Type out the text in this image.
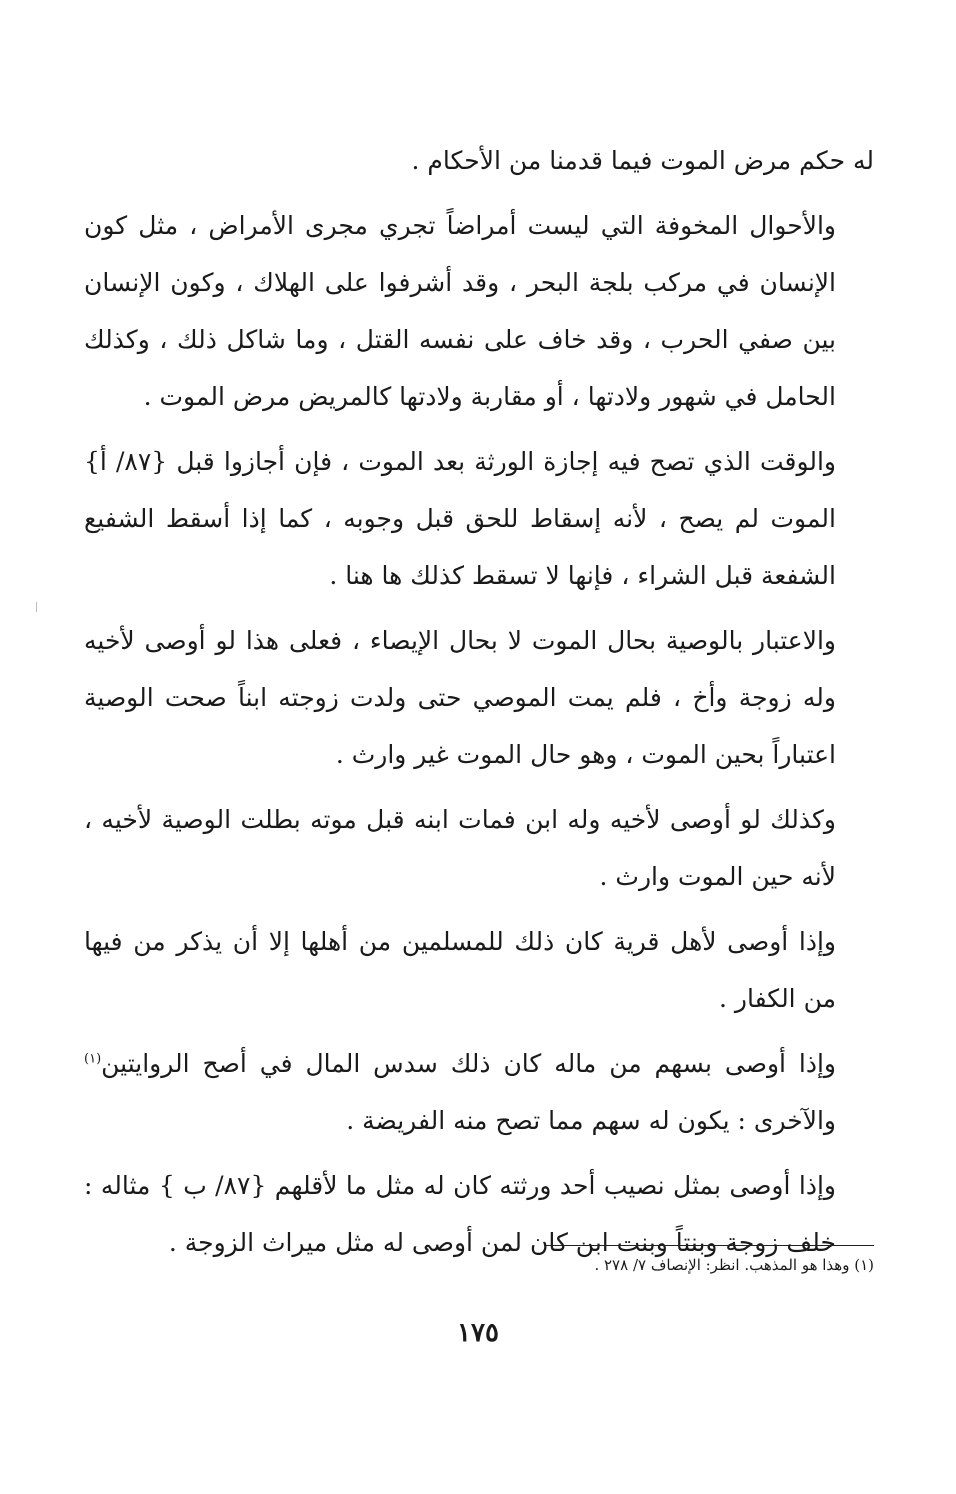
له حكم مرض الموت فيما قدمنا من الأحكام .

والأحوال المخوفة التي ليست أمراضاً تجري مجرى الأمراض ، مثل كون الإنسان في مركب بلجة البحر ، وقد أشرفوا على الهلاك ، وكون الإنسان بين صفي الحرب ، وقد خاف على نفسه القتل ، وما شاكل ذلك ، وكذلك الحامل في شهور ولادتها ، أو مقاربة ولادتها كالمريض مرض الموت .

والوقت الذي تصح فيه إجازة الورثة بعد الموت ، فإن أجازوا قبل {٨٧/ أ} الموت لم يصح ، لأنه إسقاط للحق قبل وجوبه ، كما إذا أسقط الشفيع الشفعة قبل الشراء ، فإنها لا تسقط كذلك ها هنا .

والاعتبار بالوصية بحال الموت لا بحال الإيصاء ، فعلى هذا لو أوصى لأخيه وله زوجة وأخ ، فلم يمت الموصي حتى ولدت زوجته ابناً صحت الوصية اعتباراً بحين الموت ، وهو حال الموت غير وارث .

وكذلك لو أوصى لأخيه وله ابن فمات ابنه قبل موته بطلت الوصية لأخيه ، لأنه حين الموت وارث .

وإذا أوصى لأهل قرية كان ذلك للمسلمين من أهلها إلا أن يذكر من فيها من الكفار .

وإذا أوصى بسهم من ماله كان ذلك سدس المال في أصح الروايتين$^{(١)}$ والآخرى : يكون له سهم مما تصح منه الفريضة .

وإذا أوصى بمثل نصيب أحد ورثته كان له مثل ما لأقلهم {٨٧/ ب } مثاله : خلف زوجة وبنتاً وبنت ابن كان لمن أوصى له مثل ميراث الزوجة .

(١) وهذا هو المذهب. انظر: الإنصاف ٧/ ٢٧٨ .
١٧٥
